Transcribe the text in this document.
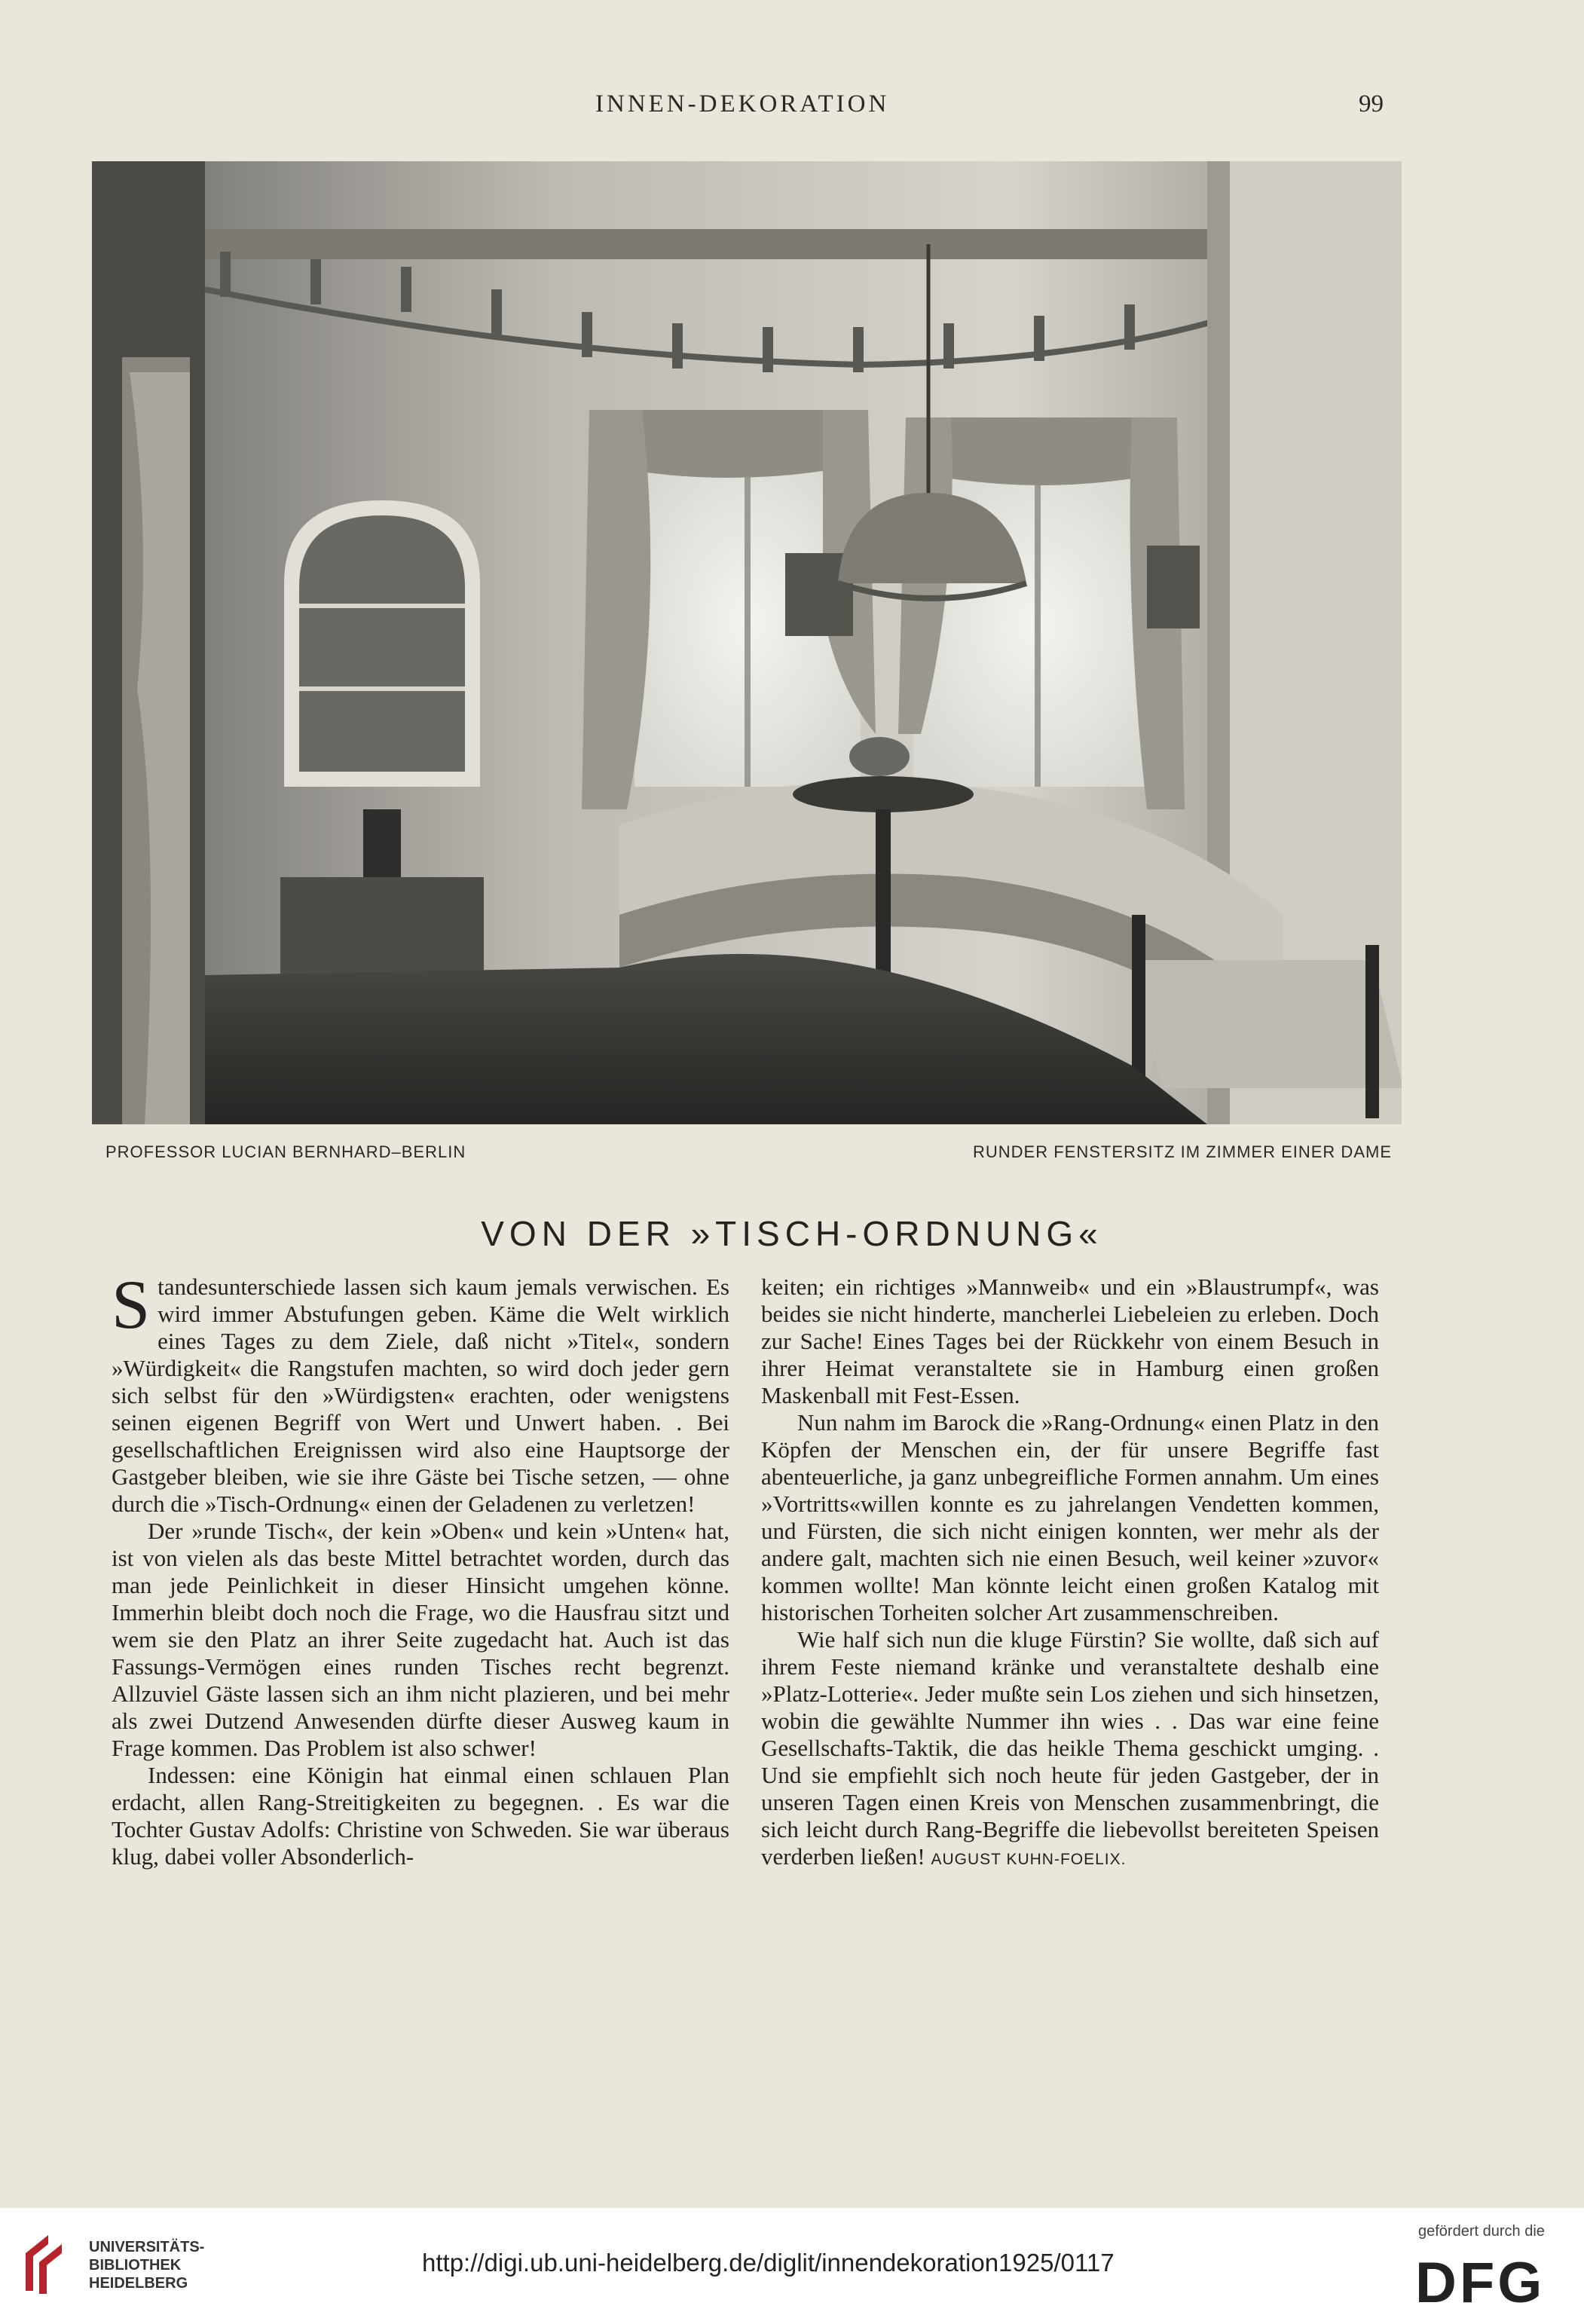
INNEN-DEKORATION	99
PROFESSOR LUCIAN BERNHARD–BERLIN	RUNDER FENSTERSITZ IM ZIMMER EINER DAME
VON DER »TISCH-ORDNUNG«

Standesunterschiede lassen sich kaum jemals verwischen. Es wird immer Abstufungen geben. Käme die Welt wirklich eines Tages zu dem Ziele, daß nicht »Titel«, sondern »Würdigkeit« die Rangstufen machten, so wird doch jeder gern sich selbst für den »Würdigsten« erachten, oder wenigstens seinen eigenen Begriff von Wert und Unwert haben. . Bei gesellschaftlichen Ereignissen wird also eine Hauptsorge der Gastgeber bleiben, wie sie ihre Gäste bei Tische setzen, — ohne durch die »Tisch-Ordnung« einen der Geladenen zu verletzen!

Der »runde Tisch«, der kein »Oben« und kein »Unten« hat, ist von vielen als das beste Mittel betrachtet worden, durch das man jede Peinlichkeit in dieser Hinsicht umgehen könne. Immerhin bleibt doch noch die Frage, wo die Hausfrau sitzt und wem sie den Platz an ihrer Seite zugedacht hat. Auch ist das Fassungs-Vermögen eines runden Tisches recht begrenzt. Allzuviel Gäste lassen sich an ihm nicht plazieren, und bei mehr als zwei Dutzend Anwesenden dürfte dieser Ausweg kaum in Frage kommen. Das Problem ist also schwer!

Indessen: eine Königin hat einmal einen schlauen Plan erdacht, allen Rang-Streitigkeiten zu begegnen. . Es war die Tochter Gustav Adolfs: Christine von Schweden. Sie war überaus klug, dabei voller Absonderlich-

keiten; ein richtiges »Mannweib« und ein »Blaustrumpf«, was beides sie nicht hinderte, mancherlei Liebeleien zu erleben. Doch zur Sache! Eines Tages bei der Rückkehr von einem Besuch in ihrer Heimat veranstaltete sie in Hamburg einen großen Maskenball mit Fest-Essen.

Nun nahm im Barock die »Rang-Ordnung« einen Platz in den Köpfen der Menschen ein, der für unsere Begriffe fast abenteuerliche, ja ganz unbegreifliche Formen annahm. Um eines »Vortritts«willen konnte es zu jahrelangen Vendetten kommen, und Fürsten, die sich nicht einigen konnten, wer mehr als der andere galt, machten sich nie einen Besuch, weil keiner »zuvor« kommen wollte! Man könnte leicht einen großen Katalog mit historischen Torheiten solcher Art zusammenschreiben.

Wie half sich nun die kluge Fürstin? Sie wollte, daß sich auf ihrem Feste niemand kränke und veranstaltete deshalb eine »Platz-Lotterie«. Jeder mußte sein Los ziehen und sich hinsetzen, wobin die gewählte Nummer ihn wies . . Das war eine feine Gesellschafts-Taktik, die das heikle Thema geschickt umging. . Und sie empfiehlt sich noch heute für jeden Gastgeber, der in unseren Tagen einen Kreis von Menschen zusammenbringt, die sich leicht durch Rang-Begriffe die liebevollst bereiteten Speisen verderben ließen! AUGUST KUHN-FOELIX.

UNIVERSITÄTS-
BIBLIOTHEK
HEIDELBERG
http://digi.ub.uni-heidelberg.de/diglit/innendekoration1925/0117
gefördert durch die
DFG
